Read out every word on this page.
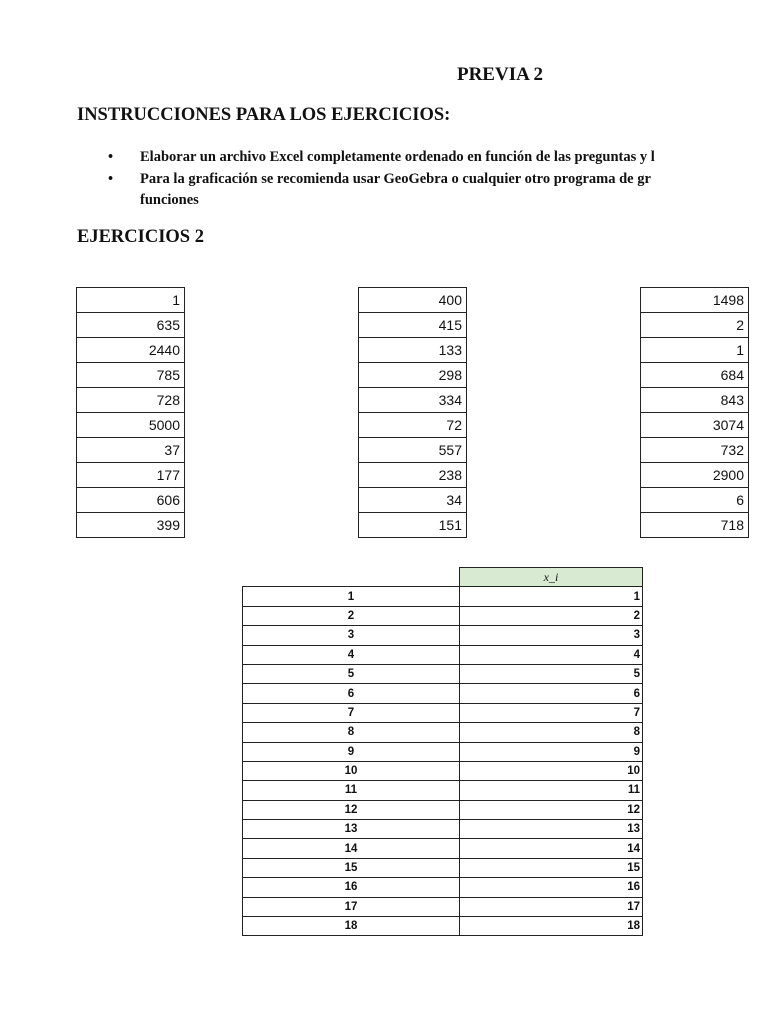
PREVIA 2
INSTRUCCIONES PARA LOS EJERCICIOS:
• Elaborar un archivo Excel completamente ordenado en función de las preguntas y l
• Para la graficación se recomienda usar GeoGebra o cualquier otro programa de gr
funciones
EJERCICIOS 2
1
635
2440
785
728
5000
37
177
606
399
400
415
133
298
334
72
557
238
34
151
1498
2
1
684
843
3074
732
2900
6
718
	x_i
1	1
2	2
3	3
4	4
5	5
6	6
7	7
8	8
9	9
10	10
11	11
12	12
13	13
14	14
15	15
16	16
17	17
18	18
